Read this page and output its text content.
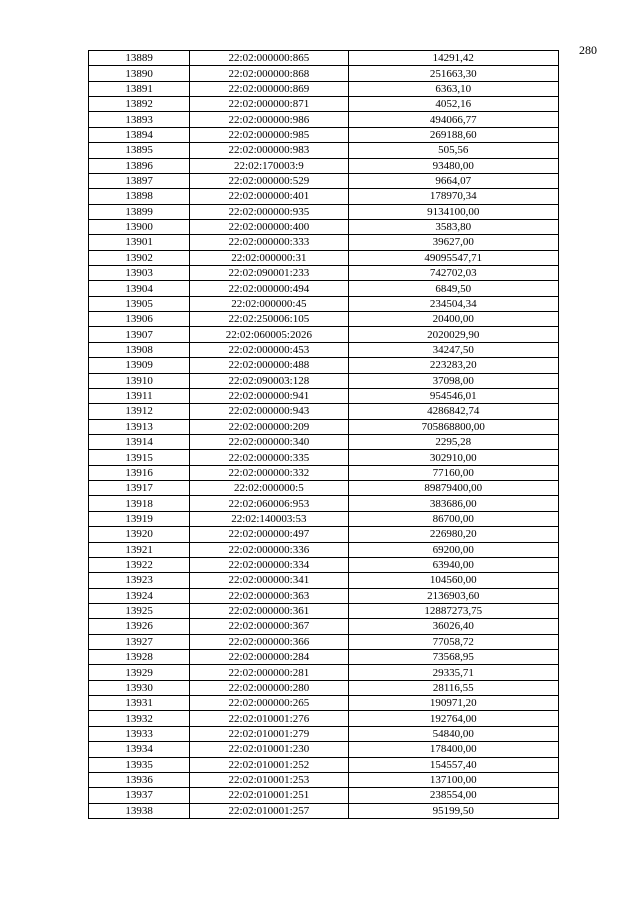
280
13889	22:02:000000:865	14291,42
13890	22:02:000000:868	251663,30
13891	22:02:000000:869	6363,10
13892	22:02:000000:871	4052,16
13893	22:02:000000:986	494066,77
13894	22:02:000000:985	269188,60
13895	22:02:000000:983	505,56
13896	22:02:170003:9	93480,00
13897	22:02:000000:529	9664,07
13898	22:02:000000:401	178970,34
13899	22:02:000000:935	9134100,00
13900	22:02:000000:400	3583,80
13901	22:02:000000:333	39627,00
13902	22:02:000000:31	49095547,71
13903	22:02:090001:233	742702,03
13904	22:02:000000:494	6849,50
13905	22:02:000000:45	234504,34
13906	22:02:250006:105	20400,00
13907	22:02:060005:2026	2020029,90
13908	22:02:000000:453	34247,50
13909	22:02:000000:488	223283,20
13910	22:02:090003:128	37098,00
13911	22:02:000000:941	954546,01
13912	22:02:000000:943	4286842,74
13913	22:02:000000:209	705868800,00
13914	22:02:000000:340	2295,28
13915	22:02:000000:335	302910,00
13916	22:02:000000:332	77160,00
13917	22:02:000000:5	89879400,00
13918	22:02:060006:953	383686,00
13919	22:02:140003:53	86700,00
13920	22:02:000000:497	226980,20
13921	22:02:000000:336	69200,00
13922	22:02:000000:334	63940,00
13923	22:02:000000:341	104560,00
13924	22:02:000000:363	2136903,60
13925	22:02:000000:361	12887273,75
13926	22:02:000000:367	36026,40
13927	22:02:000000:366	77058,72
13928	22:02:000000:284	73568,95
13929	22:02:000000:281	29335,71
13930	22:02:000000:280	28116,55
13931	22:02:000000:265	190971,20
13932	22:02:010001:276	192764,00
13933	22:02:010001:279	54840,00
13934	22:02:010001:230	178400,00
13935	22:02:010001:252	154557,40
13936	22:02:010001:253	137100,00
13937	22:02:010001:251	238554,00
13938	22:02:010001:257	95199,50
